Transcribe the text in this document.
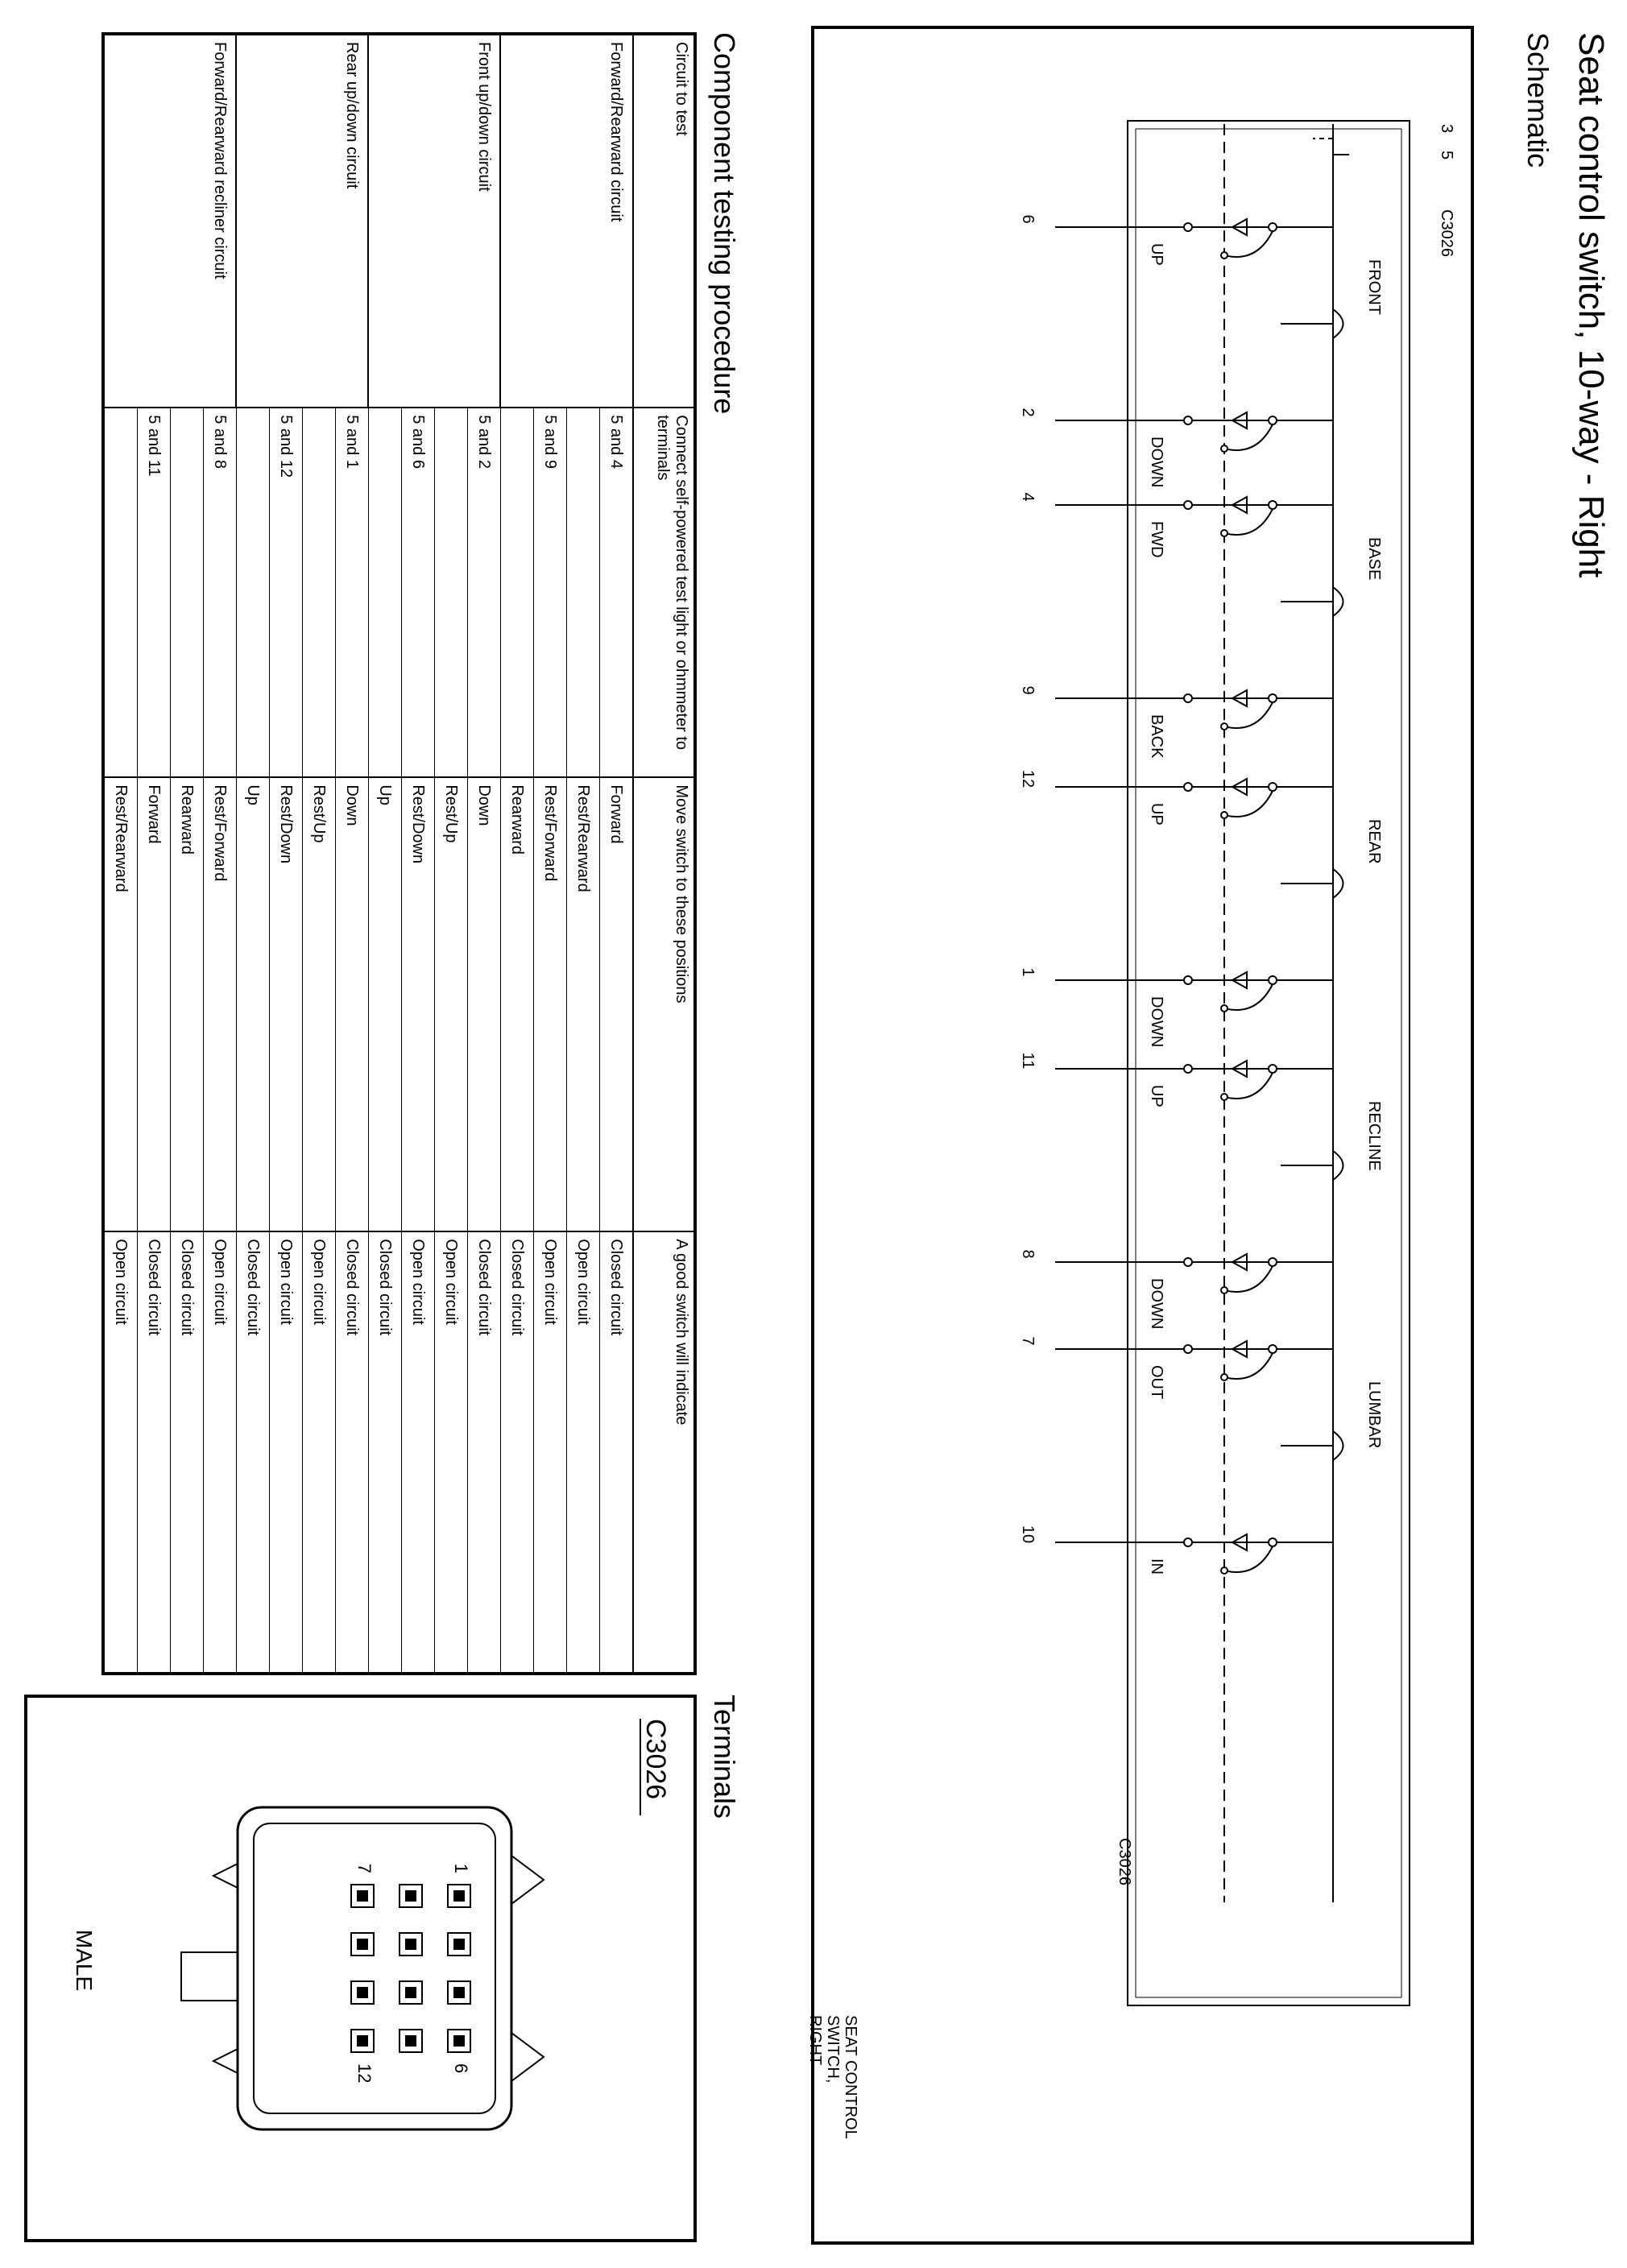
Seat control switch, 10-way - Right
Schematic
3
5
C3026
C3026
FRONT
6
UP
2
DOWN
BASE
4
FWD
9
BACK
REAR
12
UP
1
DOWN
RECLINE
11
UP
8
DOWN
LUMBAR
7
OUT
10
IN
SEAT CONTROL
SWITCH,
RIGHT
Component testing procedure
Circuit to test	Connect self-powered test light or ohmmeter to terminals	Move switch to these positions	A good switch will indicate
Forward/Rearward circuit	5 and 4	Forward	Closed circuit
		Rest/Rearward	Open circuit
	5 and 9	Rest/Forward	Open circuit
		Rearward	Closed circuit
Front up/down circuit	5 and 2	Down	Closed circuit
		Rest/Up	Open circuit
	5 and 6	Rest/Down	Open circuit
		Up	Closed circuit
Rear up/down circuit	5 and 1	Down	Closed circuit
		Rest/Up	Open circuit
	5 and 12	Rest/Down	Open circuit
		Up	Closed circuit
Forward/Rearward recliner circuit	5 and 8	Rest/Forward	Open circuit
		Rearward	Closed circuit
	5 and 11	Forward	Closed circuit
		Rest/Rearward	Open circuit
Terminals
C3026
MALE
1
6
7
12
